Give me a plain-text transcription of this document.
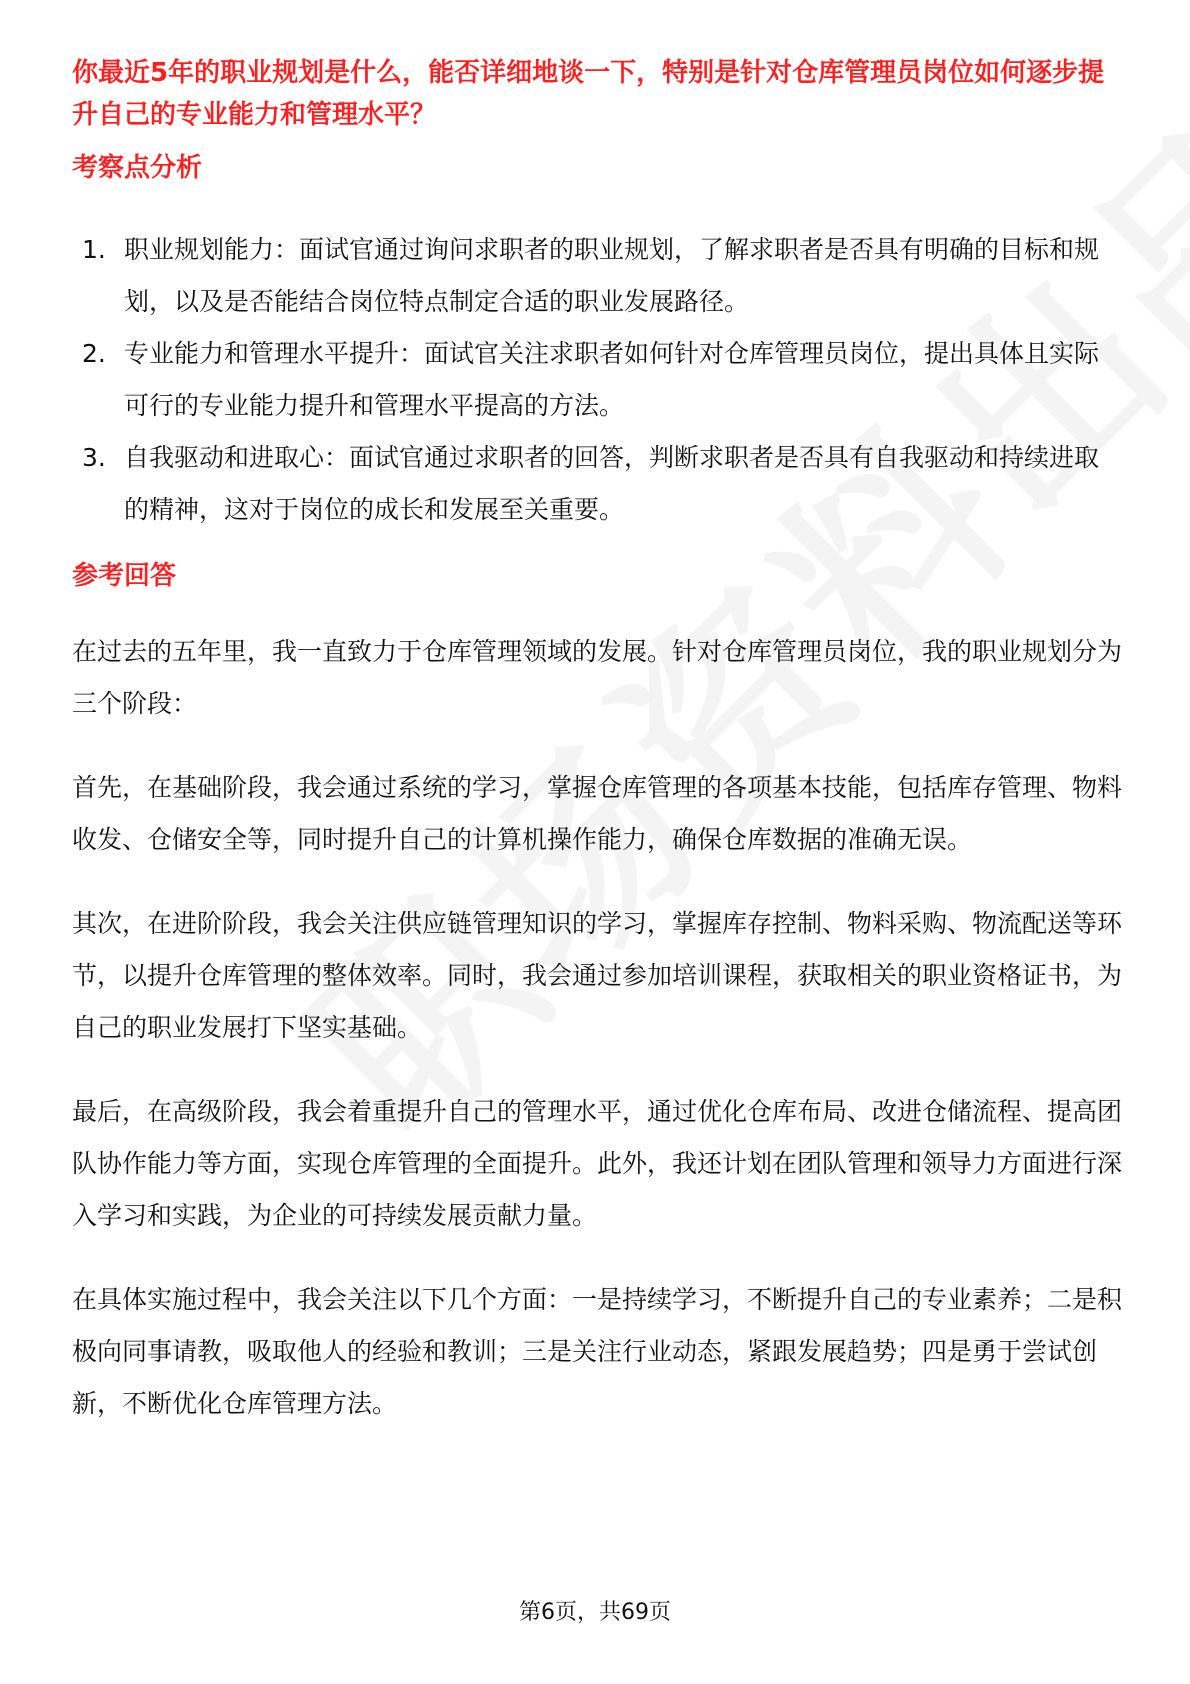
你最近5年的职业规划是什么，能否详细地谈一下，特别是针对仓库管理员岗位如何逐步提升自己的专业能力和管理水平？

考察点分析

1. 职业规划能力：面试官通过询问求职者的职业规划，了解求职者是否具有明确的目标和规划，以及是否能结合岗位特点制定合适的职业发展路径。
2. 专业能力和管理水平提升：面试官关注求职者如何针对仓库管理员岗位，提出具体且实际可行的专业能力提升和管理水平提高的方法。
3. 自我驱动和进取心：面试官通过求职者的回答，判断求职者是否具有自我驱动和持续进取的精神，这对于岗位的成长和发展至关重要。

参考回答

在过去的五年里，我一直致力于仓库管理领域的发展。针对仓库管理员岗位，我的职业规划分为三个阶段：

首先，在基础阶段，我会通过系统的学习，掌握仓库管理的各项基本技能，包括库存管理、物料收发、仓储安全等，同时提升自己的计算机操作能力，确保仓库数据的准确无误。

其次，在进阶阶段，我会关注供应链管理知识的学习，掌握库存控制、物料采购、物流配送等环节，以提升仓库管理的整体效率。同时，我会通过参加培训课程，获取相关的职业资格证书，为自己的职业发展打下坚实基础。

最后，在高级阶段，我会着重提升自己的管理水平，通过优化仓库布局、改进仓储流程、提高团队协作能力等方面，实现仓库管理的全面提升。此外，我还计划在团队管理和领导力方面进行深入学习和实践，为企业的可持续发展贡献力量。

在具体实施过程中，我会关注以下几个方面：一是持续学习，不断提升自己的专业素养；二是积极向同事请教，吸取他人的经验和教训；三是关注行业动态，紧跟发展趋势；四是勇于尝试创新，不断优化仓库管理方法。

第6页，共69页
